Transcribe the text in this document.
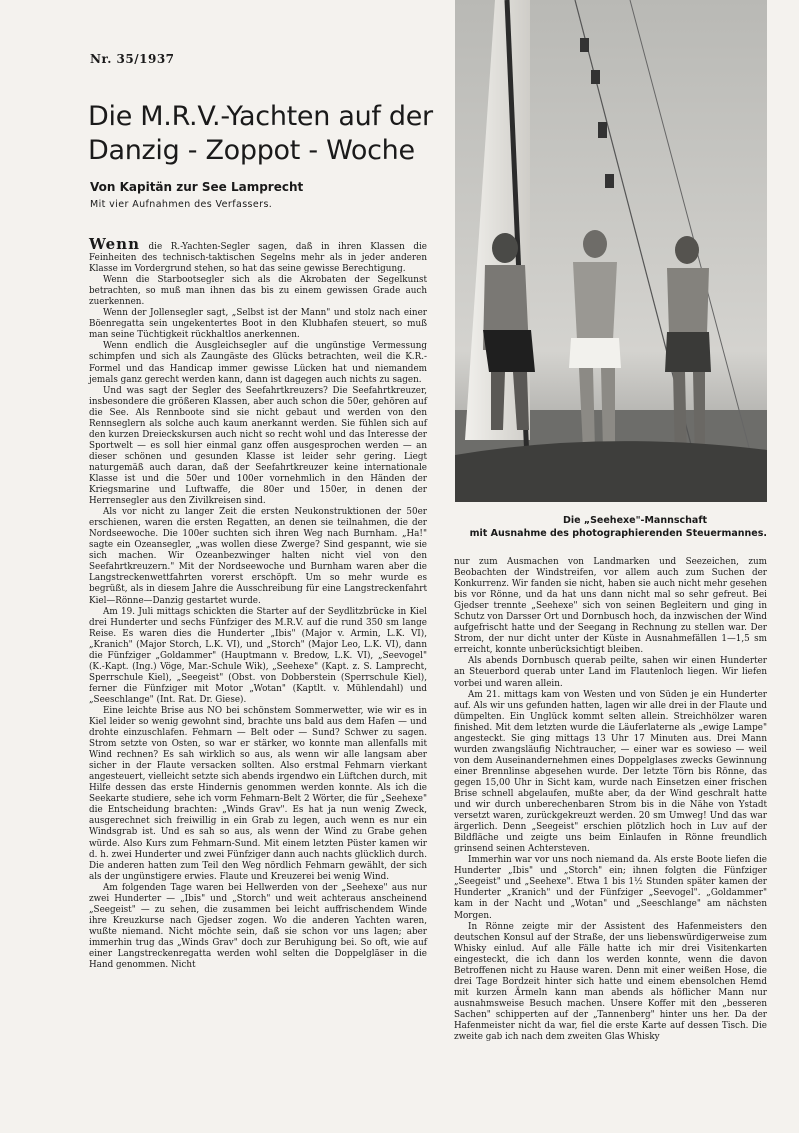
Nr. 35/1937
Die M.R.V.-Yachten auf der
Danzig - Zoppot - Woche
Von Kapitän zur See Lamprecht
Mit vier Aufnahmen des Verfassers.

Wenn die R.-Yachten-Segler sagen, daß in ihren Klassen die Feinheiten des technisch-taktischen Segelns mehr als in jeder anderen Klasse im Vordergrund stehen, so hat das seine gewisse Berechtigung.

Wenn die Starbootsegler sich als die Akrobaten der Segelkunst betrachten, so muß man ihnen das bis zu einem gewissen Grade auch zuerkennen.

Wenn der Jollensegler sagt, „Selbst ist der Mann" und stolz nach einer Böenregatta sein ungekentertes Boot in den Klubhafen steuert, so muß man seine Tüchtigkeit rückhaltlos anerkennen.

Wenn endlich die Ausgleichsegler auf die ungünstige Vermessung schimpfen und sich als Zaungäste des Glücks betrachten, weil die K.R.-Formel und das Handicap immer gewisse Lücken hat und niemandem jemals ganz gerecht werden kann, dann ist dagegen auch nichts zu sagen.

Und was sagt der Segler des Seefahrtkreuzers? Die Seefahrtkreuzer, insbesondere die größeren Klassen, aber auch schon die 50er, gehören auf die See. Als Rennboote sind sie nicht gebaut und werden von den Rennseglern als solche auch kaum anerkannt werden. Sie fühlen sich auf den kurzen Dreieckskursen auch nicht so recht wohl und das Interesse der Sportwelt — es soll hier einmal ganz offen ausgesprochen werden — an dieser schönen und gesunden Klasse ist leider sehr gering. Liegt naturgemäß auch daran, daß der Seefahrtkreuzer keine internationale Klasse ist und die 50er und 100er vornehmlich in den Händen der Kriegsmarine und Luftwaffe, die 80er und 150er, in denen der Herrensegler aus den Zivilkreisen sind.

Als vor nicht zu langer Zeit die ersten Neukonstruktionen der 50er erschienen, waren die ersten Regatten, an denen sie teilnahmen, die der Nordseewoche. Die 100er suchten sich ihren Weg nach Burnham. „Ha!" sagte ein Ozeansegler, „was wollen diese Zwerge? Sind gespannt, wie sie sich machen. Wir Ozeanbezwinger halten nicht viel von den Seefahrtkreuzern." Mit der Nordseewoche und Burnham waren aber die Langstreckenwettfahrten vorerst erschöpft. Um so mehr wurde es begrüßt, als in diesem Jahre die Ausschreibung für eine Langstreckenfahrt Kiel—Rönne—Danzig gestartet wurde.

Am 19. Juli mittags schickten die Starter auf der Seydlitzbrücke in Kiel drei Hunderter und sechs Fünfziger des M.R.V. auf die rund 350 sm lange Reise. Es waren dies die Hunderter „Ibis" (Major v. Armin, L.K. VI), „Kranich" (Major Storch, L.K. VI), und „Storch" (Major Leo, L.K. VI), dann die Fünfziger „Goldammer" (Hauptmann v. Bredow, L.K. VI), „Seevogel" (K.-Kapt. (Ing.) Vöge, Mar.-Schule Wik), „Seehexe" (Kapt. z. S. Lamprecht, Sperrschule Kiel), „Seegeist" (Obst. von Dobberstein (Sperrschule Kiel), ferner die Fünfziger mit Motor „Wotan" (Kaptlt. v. Mühlendahl) und „Seeschlange" (Int. Rat. Dr. Giese).

Eine leichte Brise aus NO bei schönstem Sommerwetter, wie wir es in Kiel leider so wenig gewohnt sind, brachte uns bald aus dem Hafen — und drohte einzuschlafen. Fehmarn — Belt oder — Sund? Schwer zu sagen. Strom setzte von Osten, so war er stärker, wo konnte man allenfalls mit Wind rechnen? Es sah wirklich so aus, als wenn wir alle langsam aber sicher in der Flaute versacken sollten. Also erstmal Fehmarn vierkant angesteuert, vielleicht setzte sich abends irgendwo ein Lüftchen durch, mit Hilfe dessen das erste Hindernis genommen werden konnte. Als ich die Seekarte studiere, sehe ich vorm Fehmarn-Belt 2 Wörter, die für „Seehexe" die Entscheidung brachten: „Winds Grav". Es hat ja nun wenig Zweck, ausgerechnet sich freiwillig in ein Grab zu legen, auch wenn es nur ein Windsgrab ist. Und es sah so aus, als wenn der Wind zu Grabe gehen würde. Also Kurs zum Fehmarn-Sund. Mit einem letzten Püster kamen wir d. h. zwei Hunderter und zwei Fünfziger dann auch nachts glücklich durch. Die anderen hatten zum Teil den Weg nördlich Fehmarn gewählt, der sich als der ungünstigere erwies. Flaute und Kreuzerei bei wenig Wind.

Am folgenden Tage waren bei Hellwerden von der „Seehexe" aus nur zwei Hunderter — „Ibis" und „Storch" und weit achteraus anscheinend „Seegeist" — zu sehen, die zusammen bei leicht auffrischendem Winde ihre Kreuzkurse nach Gjedser zogen. Wo die anderen Yachten waren, wußte niemand. Nicht möchte sein, daß sie schon vor uns lagen; aber immerhin trug das „Winds Grav" doch zur Beruhigung bei. So oft, wie auf einer Langstreckenregatta werden wohl selten die Doppelgläser in die Hand genommen. Nicht

Die „Seehexe"-Mannschaft
mit Ausnahme des photographierenden Steuermannes.

nur zum Ausmachen von Landmarken und Seezeichen, zum Beobachten der Windstreifen, vor allem auch zum Suchen der Konkurrenz. Wir fanden sie nicht, haben sie auch nicht mehr gesehen bis vor Rönne, und da hat uns dann nicht mal so sehr gefreut. Bei Gjedser trennte „Seehexe" sich von seinen Begleitern und ging in Schutz von Darsser Ort und Dornbusch hoch, da inzwischen der Wind aufgefrischt hatte und der Seegang in Rechnung zu stellen war. Der Strom, der nur dicht unter der Küste in Ausnahmefällen 1—1,5 sm erreicht, konnte unberücksichtigt bleiben.

Als abends Dornbusch querab peilte, sahen wir einen Hunderter an Steuerbord querab unter Land im Flautenloch liegen. Wir liefen vorbei und waren allein.

Am 21. mittags kam von Westen und von Süden je ein Hunderter auf. Als wir uns gefunden hatten, lagen wir alle drei in der Flaute und dümpelten. Ein Unglück kommt selten allein. Streichhölzer waren finished. Mit dem letzten wurde die Läuferlaterne als „ewige Lampe" angesteckt. Sie ging mittags 13 Uhr 17 Minuten aus. Drei Mann wurden zwangsläufig Nichtraucher, — einer war es sowieso — weil von dem Auseinandernehmen eines Doppelglases zwecks Gewinnung einer Brennlinse abgesehen wurde. Der letzte Törn bis Rönne, das gegen 15,00 Uhr in Sicht kam, wurde nach Einsetzen einer frischen Brise schnell abgelaufen, mußte aber, da der Wind geschralt hatte und wir durch unberechenbaren Strom bis in die Nähe von Ystadt versetzt waren, zurückgekreuzt werden. 20 sm Umweg! Und das war ärgerlich. Denn „Seegeist" erschien plötzlich hoch in Luv auf der Bildfläche und zeigte uns beim Einlaufen in Rönne freundlich grinsend seinen Achtersteven.

Immerhin war vor uns noch niemand da. Als erste Boote liefen die Hunderter „Ibis" und „Storch" ein; ihnen folgten die Fünfziger „Seegeist" und „Seehexe". Etwa 1 bis 1½ Stunden später kamen der Hunderter „Kranich" und der Fünfziger „Seevogel". „Goldammer" kam in der Nacht und „Wotan" und „Seeschlange" am nächsten Morgen.

In Rönne zeigte mir der Assistent des Hafenmeisters den deutschen Konsul auf der Straße, der uns liebenswürdigerweise zum Whisky einlud. Auf alle Fälle hatte ich mir drei Visitenkarten eingesteckt, die ich dann los werden konnte, wenn die davon Betroffenen nicht zu Hause waren. Denn mit einer weißen Hose, die drei Tage Bordzeit hinter sich hatte und einem ebensolchen Hemd mit kurzen Ärmeln kann man abends als höflicher Mann nur ausnahmsweise Besuch machen. Unsere Koffer mit den „besseren Sachen" schipperten auf der „Tannenberg" hinter uns her. Da der Hafenmeister nicht da war, fiel die erste Karte auf dessen Tisch. Die zweite gab ich nach dem zweiten Glas Whisky
